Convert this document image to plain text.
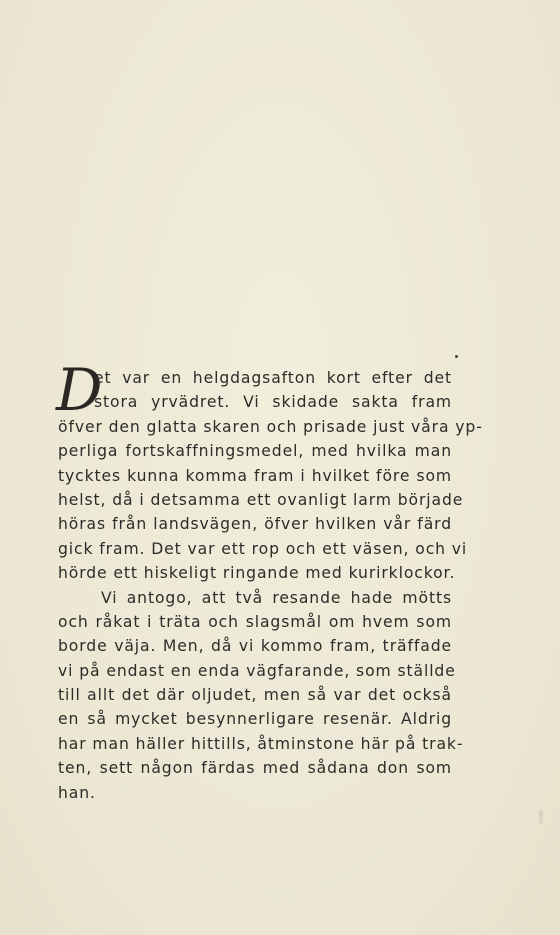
D
et var en helgdagsafton kort efter det
stora yrvädret. Vi skidade sakta fram
öfver den glatta skaren och prisade just våra yp-
perliga fortskaffningsmedel, med hvilka man
tycktes kunna komma fram i hvilket före som
helst, då i detsamma ett ovanligt larm började
höras från landsvägen, öfver hvilken vår färd
gick fram. Det var ett rop och ett väsen, och vi
hörde ett hiskeligt ringande med kurirklockor.
Vi antogo, att två resande hade mötts
och råkat i träta och slagsmål om hvem som
borde väja. Men, då vi kommo fram, träffade
vi på endast en enda vägfarande, som ställde
till allt det där oljudet, men så var det också
en så mycket besynnerligare resenär. Aldrig
har man häller hittills, åtminstone här på trak-
ten, sett någon färdas med sådana don som
han.
